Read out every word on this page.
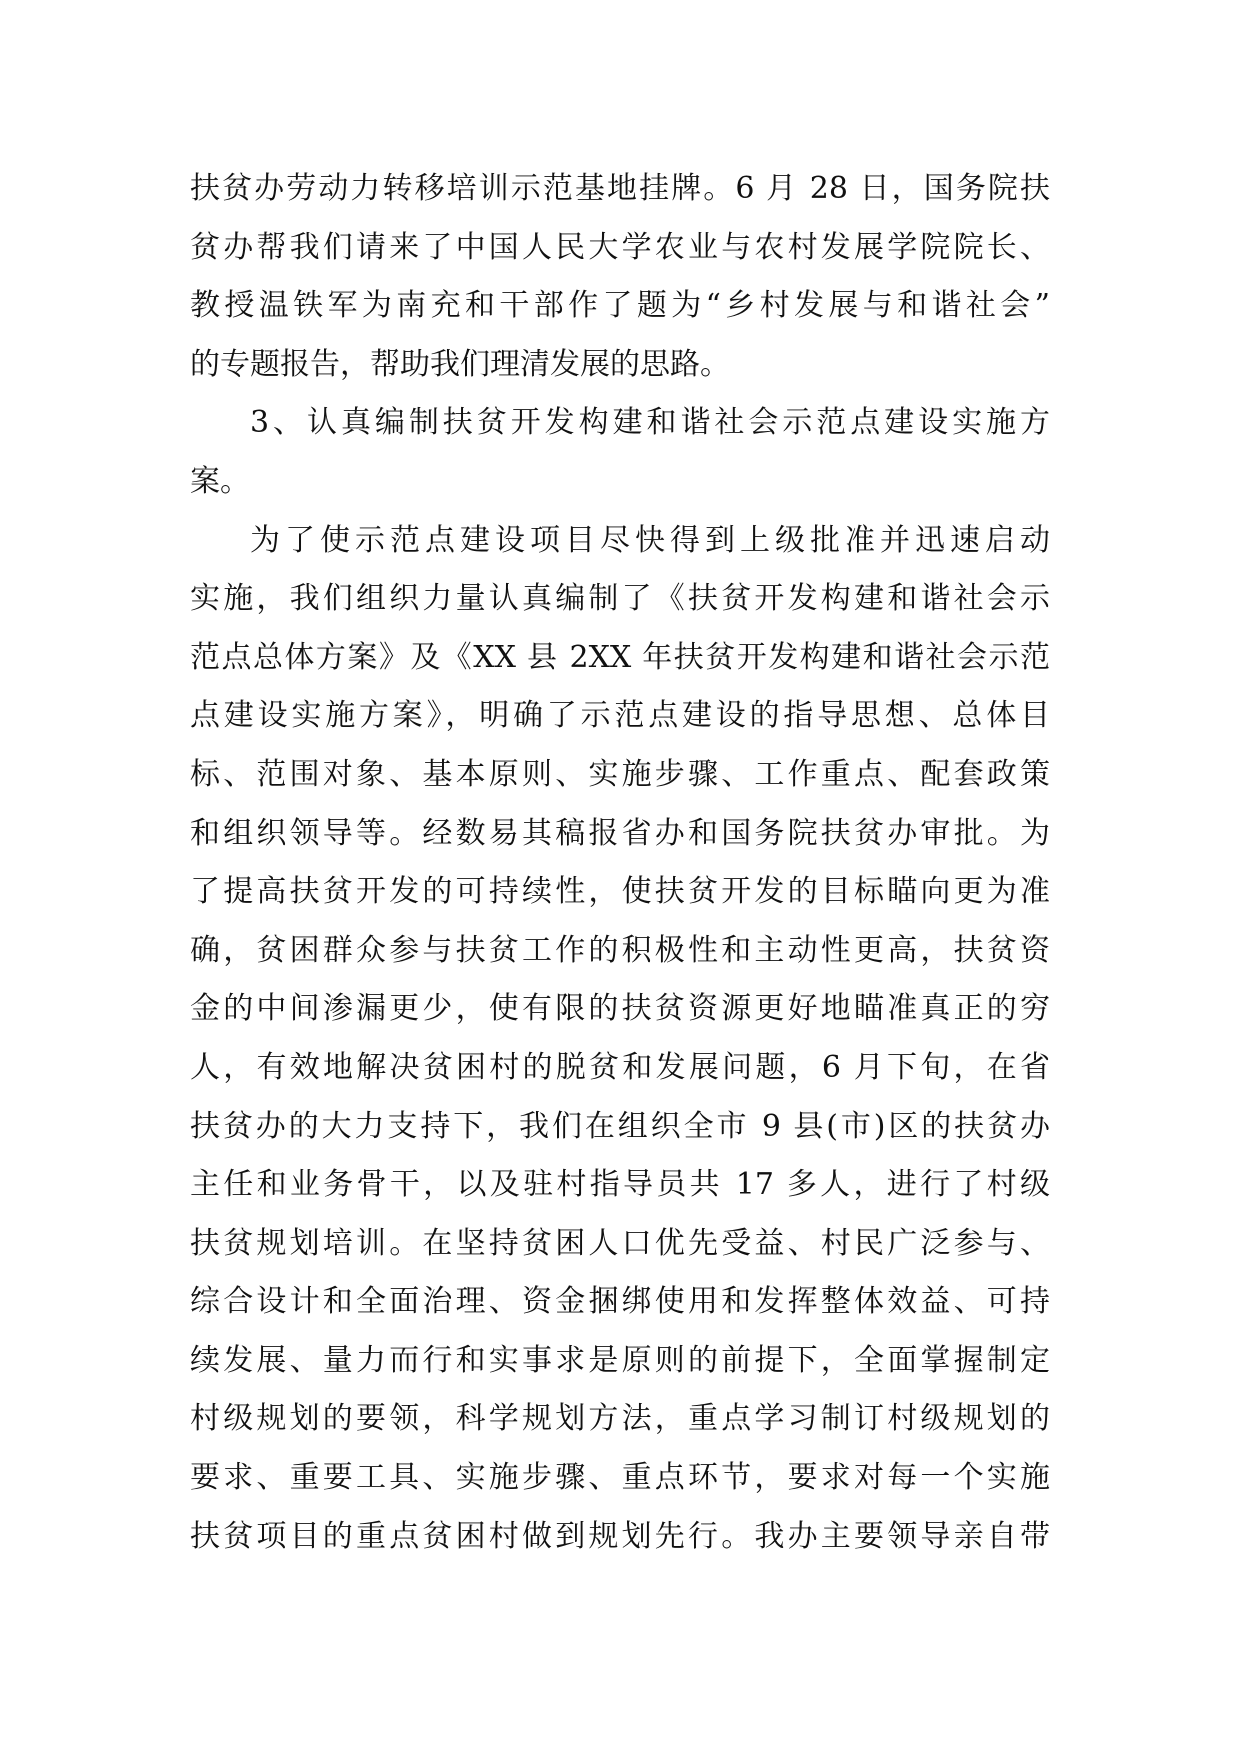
扶贫办劳动力转移培训示范基地挂牌。6 月 28 日，国务院扶
贫办帮我们请来了中国人民大学农业与农村发展学院院长、
教授温铁军为南充和干部作了题为“乡村发展与和谐社会”
的专题报告，帮助我们理清发展的思路。
3、认真编制扶贫开发构建和谐社会示范点建设实施方
案。
为了使示范点建设项目尽快得到上级批准并迅速启动
实施，我们组织力量认真编制了《扶贫开发构建和谐社会示
范点总体方案》及《XX 县 2XX 年扶贫开发构建和谐社会示范
点建设实施方案》，明确了示范点建设的指导思想、总体目
标、范围对象、基本原则、实施步骤、工作重点、配套政策
和组织领导等。经数易其稿报省办和国务院扶贫办审批。为
了提高扶贫开发的可持续性，使扶贫开发的目标瞄向更为准
确，贫困群众参与扶贫工作的积极性和主动性更高，扶贫资
金的中间渗漏更少，使有限的扶贫资源更好地瞄准真正的穷
人，有效地解决贫困村的脱贫和发展问题，6 月下旬，在省
扶贫办的大力支持下，我们在组织全市 9 县(市)区的扶贫办
主任和业务骨干，以及驻村指导员共 17 多人，进行了村级
扶贫规划培训。在坚持贫困人口优先受益、村民广泛参与、
综合设计和全面治理、资金捆绑使用和发挥整体效益、可持
续发展、量力而行和实事求是原则的前提下，全面掌握制定
村级规划的要领，科学规划方法，重点学习制订村级规划的
要求、重要工具、实施步骤、重点环节，要求对每一个实施
扶贫项目的重点贫困村做到规划先行。我办主要领导亲自带
